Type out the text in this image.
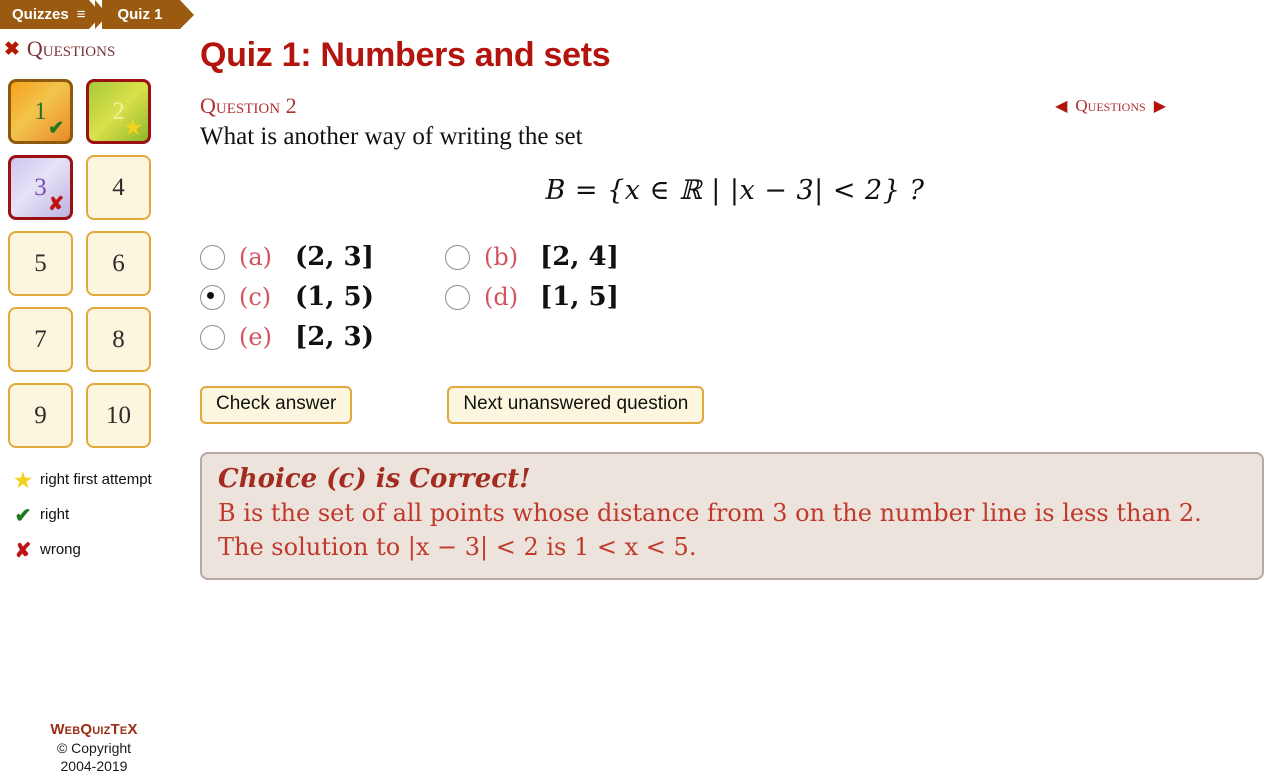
Quizzes ≡ Quiz 1
✖ Questions
1
✔
2
★
3
✘
4
5	6
7	8
9 10
★ right first attempt
✔ right
✘ wrong
WebQuizTeX
© Copyright
2004-2019
Quiz 1: Numbers and sets
Question 2	◀ Questions ▶
What is another way of writing the set
B = {x ∈ ℝ | |x − 3| < 2} ?
(a) (2, 3]	(b) [2, 4]
(c) (1, 5)	(d) [1, 5]
(e) [2, 3)
Check answer	Next unanswered question
Choice (c) is Correct!
B is the set of all points whose distance from 3 on the number line is less than 2.
The solution to |x − 3| < 2 is 1 < x < 5.
